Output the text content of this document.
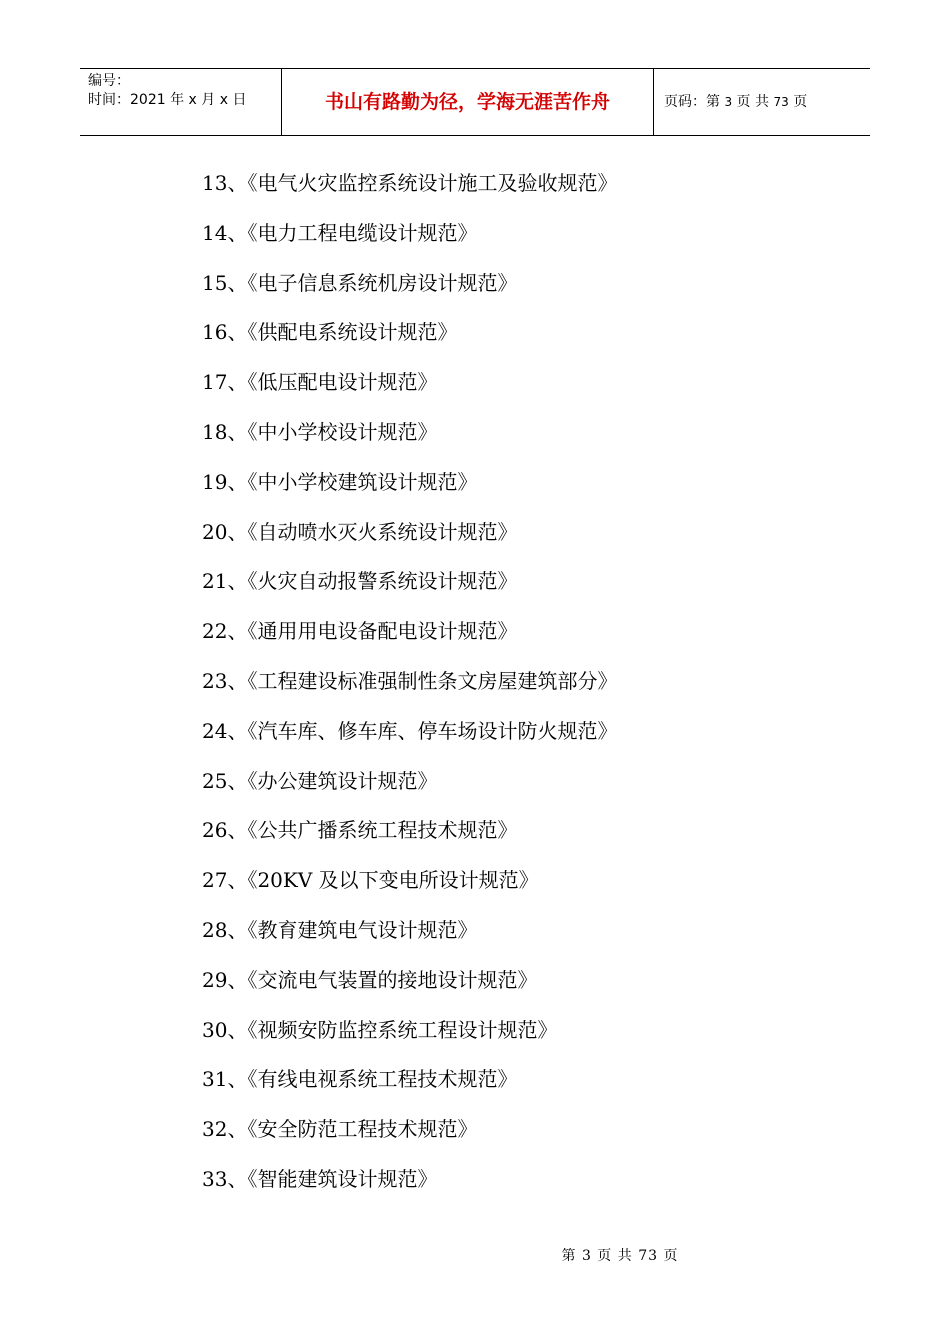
编号：
时间：2021 年 x 月 x 日	书山有路勤为径，学海无涯苦作舟	页码：第 3 页 共 73 页
13、《电气火灾监控系统设计施工及验收规范》
14、《电力工程电缆设计规范》
15、《电子信息系统机房设计规范》
16、《供配电系统设计规范》
17、《低压配电设计规范》
18、《中小学校设计规范》
19、《中小学校建筑设计规范》
20、《自动喷水灭火系统设计规范》
21、《火灾自动报警系统设计规范》
22、《通用用电设备配电设计规范》
23、《工程建设标准强制性条文房屋建筑部分》
24、《汽车库、修车库、停车场设计防火规范》
25、《办公建筑设计规范》
26、《公共广播系统工程技术规范》
27、《20KV 及以下变电所设计规范》
28、《教育建筑电气设计规范》
29、《交流电气装置的接地设计规范》
30、《视频安防监控系统工程设计规范》
31、《有线电视系统工程技术规范》
32、《安全防范工程技术规范》
33、《智能建筑设计规范》
第 3 页 共 73 页
